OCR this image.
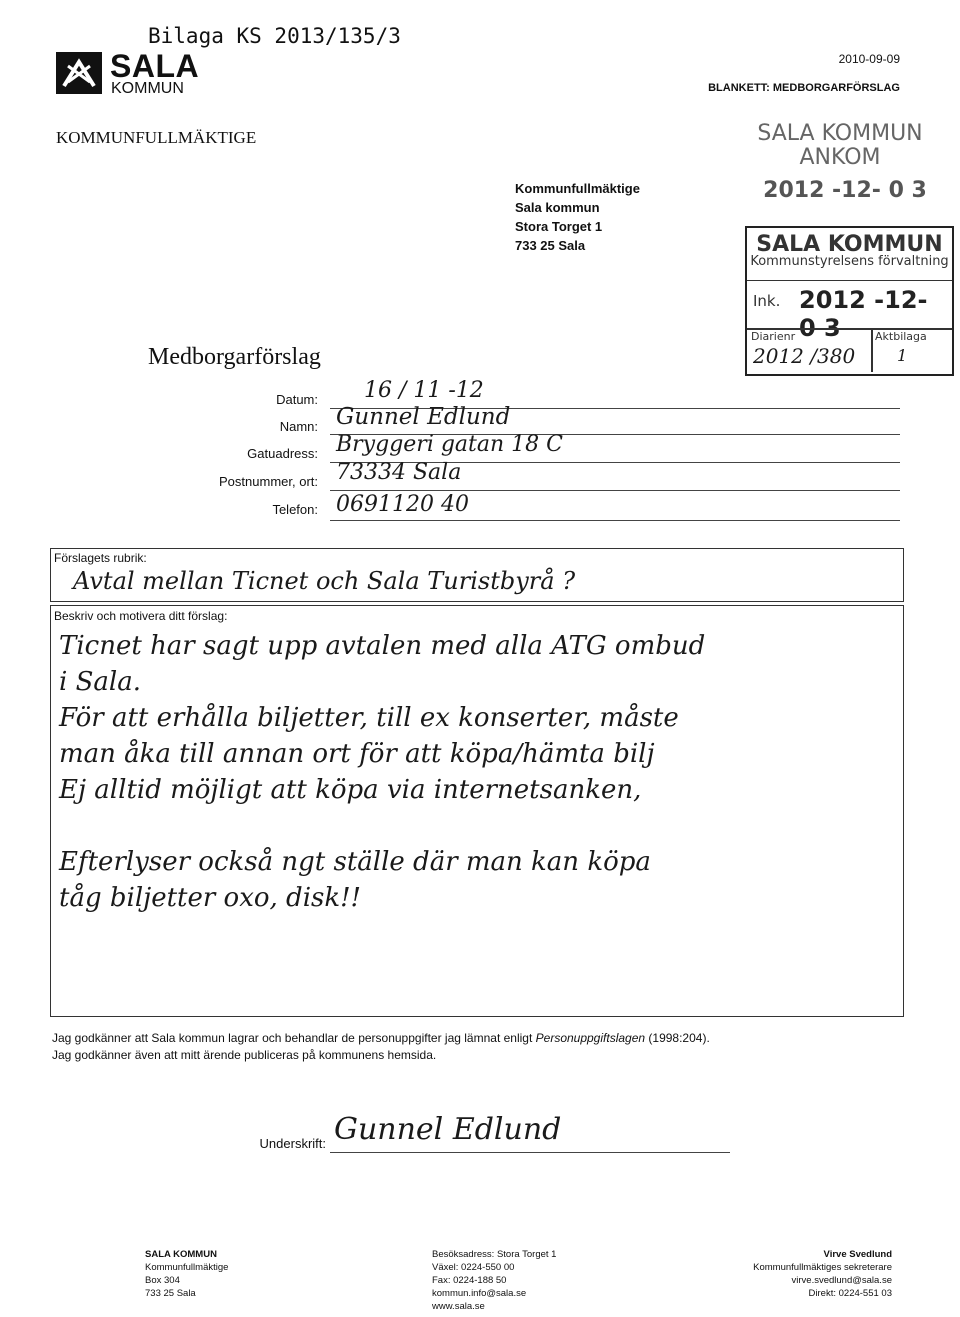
Bilaga KS 2013/135/3
SALA
KOMMUN
2010-09-09
BLANKETT: MEDBORGARFÖRSLAG
KOMMUNFULLMÄKTIGE
Kommunfullmäktige
Sala kommun
Stora Torget 1
733 25 Sala
SALA KOMMUN
ANKOM
2012 -12- 0 3
SALA KOMMUN
Kommunstyrelsens förvaltning
Ink. 2012 -12- 0 3
Diarienr	Aktbilaga
2012 /380	1
Medborgarförslag
Datum: 16 / 11 -12
Namn: Gunnel Edlund
Gatuadress: Bryggeri gatan 18 C
Postnummer, ort: 73334 Sala
Telefon: 0691120 40
Förslagets rubrik:
Avtal mellan Ticnet och Sala Turistbyrå ?
Beskriv och motivera ditt förslag:
Ticnet har sagt upp avtalen med alla ATG ombud
i Sala.
För att erhålla biljetter, till ex konserter, måste
man åka till annan ort för att köpa/hämta bilj
Ej alltid möjligt att köpa via internetsanken,
Efterlyser också ngt ställe där man kan köpa
tåg biljetter oxo, disk!!
Jag godkänner att Sala kommun lagrar och behandlar de personuppgifter jag lämnat enligt Personuppgiftslagen (1998:204).
Jag godkänner även att mitt ärende publiceras på kommunens hemsida.
Underskrift: Gunnel Edlund
SALA KOMMUN
Kommunfullmäktige
Box 304
733 25 Sala
Besöksadress: Stora Torget 1
Växel: 0224-550 00
Fax: 0224-188 50
kommun.info@sala.se
www.sala.se
Virve Svedlund
Kommunfullmäktiges sekreterare
virve.svedlund@sala.se
Direkt: 0224-551 03
